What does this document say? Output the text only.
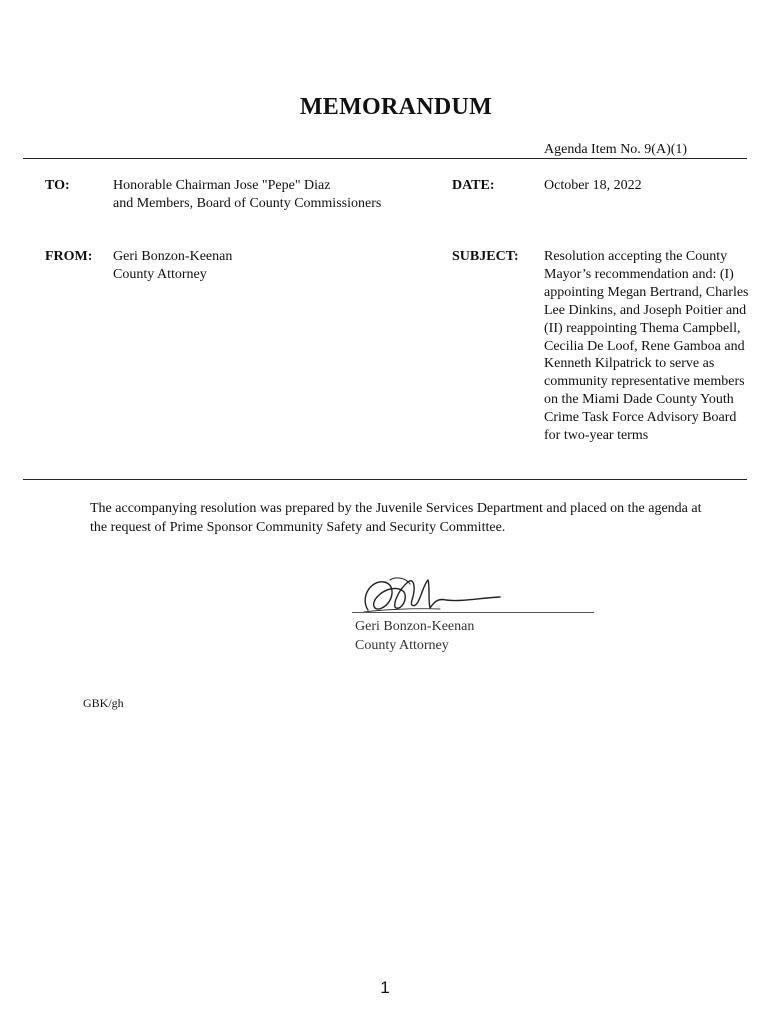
MEMORANDUM
Agenda Item No. 9(A)(1)
TO:	Honorable Chairman Jose "Pepe" Diaz
and Members, Board of County Commissioners
DATE:	October 18, 2022
FROM: Geri Bonzon-Keenan
County Attorney
SUBJECT: Resolution accepting the County Mayor’s recommendation and: (I) appointing Megan Bertrand, Charles Lee Dinkins, and Joseph Poitier and (II) reappointing Thema Campbell, Cecilia De Loof, Rene Gamboa and Kenneth Kilpatrick to serve as community representative members on the Miami Dade County Youth Crime Task Force Advisory Board for two-year terms
The accompanying resolution was prepared by the Juvenile Services Department and placed on the agenda at the request of Prime Sponsor Community Safety and Security Committee.
Geri Bonzon-Keenan
County Attorney
GBK/gh
1
